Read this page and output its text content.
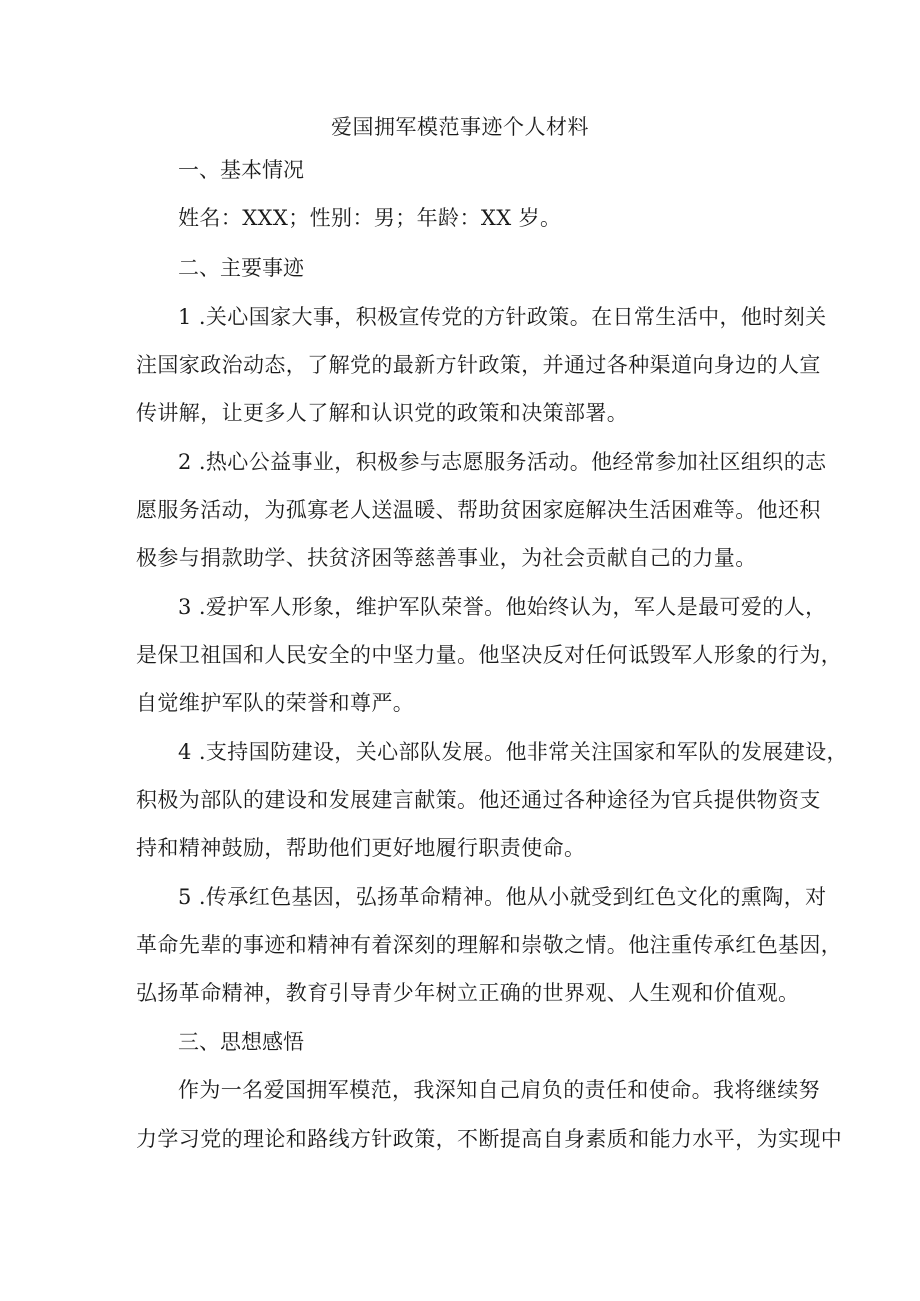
爱国拥军模范事迹个人材料
一、基本情况

姓名：XXX；性别：男；年龄：XX 岁。

二、主要事迹

1 .关心国家大事，积极宣传党的方针政策。在日常生活中，他时刻关

注国家政治动态，了解党的最新方针政策，并通过各种渠道向身边的人宣

传讲解，让更多人了解和认识党的政策和决策部署。

2 .热心公益事业，积极参与志愿服务活动。他经常参加社区组织的志

愿服务活动，为孤寡老人送温暖、帮助贫困家庭解决生活困难等。他还积

极参与捐款助学、扶贫济困等慈善事业，为社会贡献自己的力量。

3 .爱护军人形象，维护军队荣誉。他始终认为，军人是最可爱的人，

是保卫祖国和人民安全的中坚力量。他坚决反对任何诋毁军人形象的行为，

自觉维护军队的荣誉和尊严。

4 .支持国防建设，关心部队发展。他非常关注国家和军队的发展建设，

积极为部队的建设和发展建言献策。他还通过各种途径为官兵提供物资支

持和精神鼓励，帮助他们更好地履行职责使命。

5 .传承红色基因，弘扬革命精神。他从小就受到红色文化的熏陶，对

革命先辈的事迹和精神有着深刻的理解和崇敬之情。他注重传承红色基因，

弘扬革命精神，教育引导青少年树立正确的世界观、人生观和价值观。

三、思想感悟

作为一名爱国拥军模范，我深知自己肩负的责任和使命。我将继续努

力学习党的理论和路线方针政策，不断提高自身素质和能力水平，为实现中
